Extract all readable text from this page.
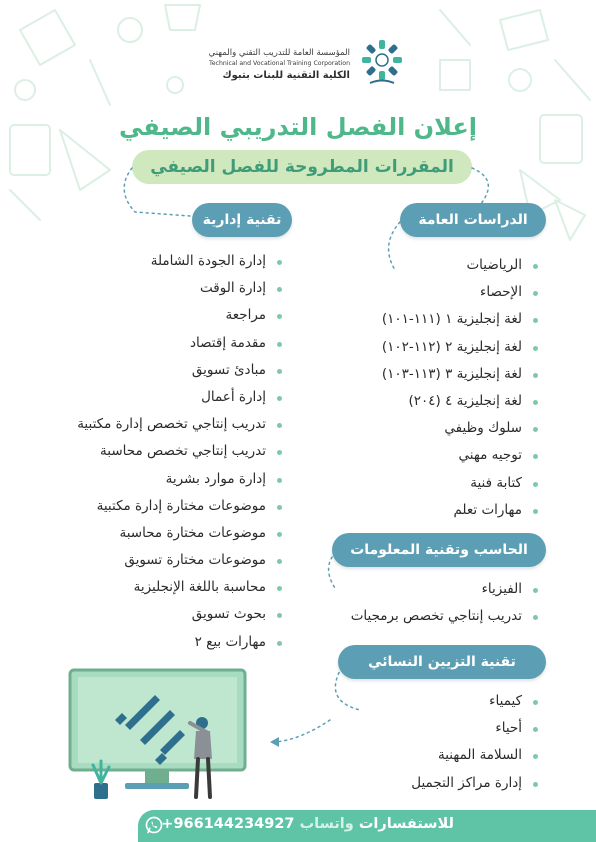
المؤسسة العامة للتدريب التقني والمهني
Technical and Vocational Training Corporation
الكلية التقنية للبنات بتبوك
إعلان الفصل التدريبي الصيفي
المقررات المطروحة للفصل الصيفي
تقنية إدارية	الدراسات العامة
الحاسب وتقنية المعلومات
تقنية التزيين النسائي
إدارة الجودة الشاملة
إدارة الوقت
مراجعة
مقدمة إقتصاد
مبادئ تسويق
إدارة أعمال
تدريب إنتاجي تخصص إدارة مكتبية
تدريب إنتاجي تخصص محاسبة
إدارة موارد بشرية
موضوعات مختارة إدارة مكتبية
موضوعات مختارة محاسبة
موضوعات مختارة تسويق
محاسبة باللغة الإنجليزية
بحوث تسويق
مهارات بيع ٢
الرياضيات
الإحصاء
لغة إنجليزية ١ (١١١-١٠١)
لغة إنجليزية ٢ (١١٢-١٠٢)
لغة إنجليزية ٣ (١١٣-١٠٣)
لغة إنجليزية ٤ (٢٠٤)
سلوك وظيفي
توجيه مهني
كتابة فنية
مهارات تعلم
الفيزياء
تدريب إنتاجي تخصص برمجيات
كيمياء
أحياء
السلامة المهنية
إدارة مراكز التجميل
للاستفسارات واتساب +966144234927
